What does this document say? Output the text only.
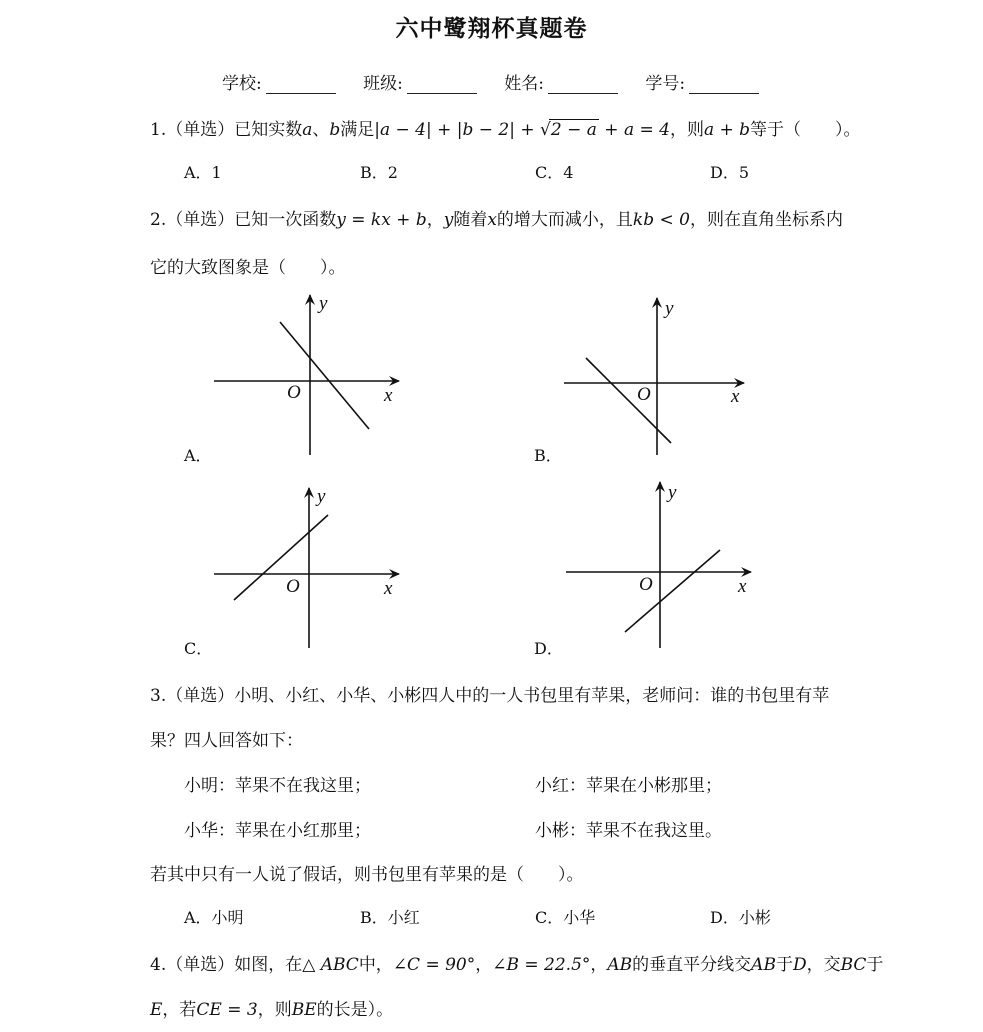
六中鹭翔杯真题卷
学校:	班级:	姓名:	学号:
1.（单选）已知实数a、b满足|a − 4| + |b − 2| + √2 − a + a = 4，则a + b等于（　　）。
A．1	B．2	C．4	D．5
2.（单选）已知一次函数y = kx + b，y随着x的增大而减小，且kb < 0，则在直角坐标系内
它的大致图象是（　　）。
y
x
O
y
x
O
y
x
O
y
x
O
A．	B．
C．	D．
3.（单选）小明、小红、小华、小彬四人中的一人书包里有苹果，老师问：谁的书包里有苹
果？四人回答如下：
小明：苹果不在我这里；	小红：苹果在小彬那里；
小华：苹果在小红那里；	小彬：苹果不在我这里。
若其中只有一人说了假话，则书包里有苹果的是（　　）。
A．小明	B．小红	C．小华	D．小彬
4.（单选）如图，在△ ABC中，∠C = 90°，∠B = 22.5°，AB的垂直平分线交AB于D，交BC于
E，若CE = 3，则BE的长是）。
